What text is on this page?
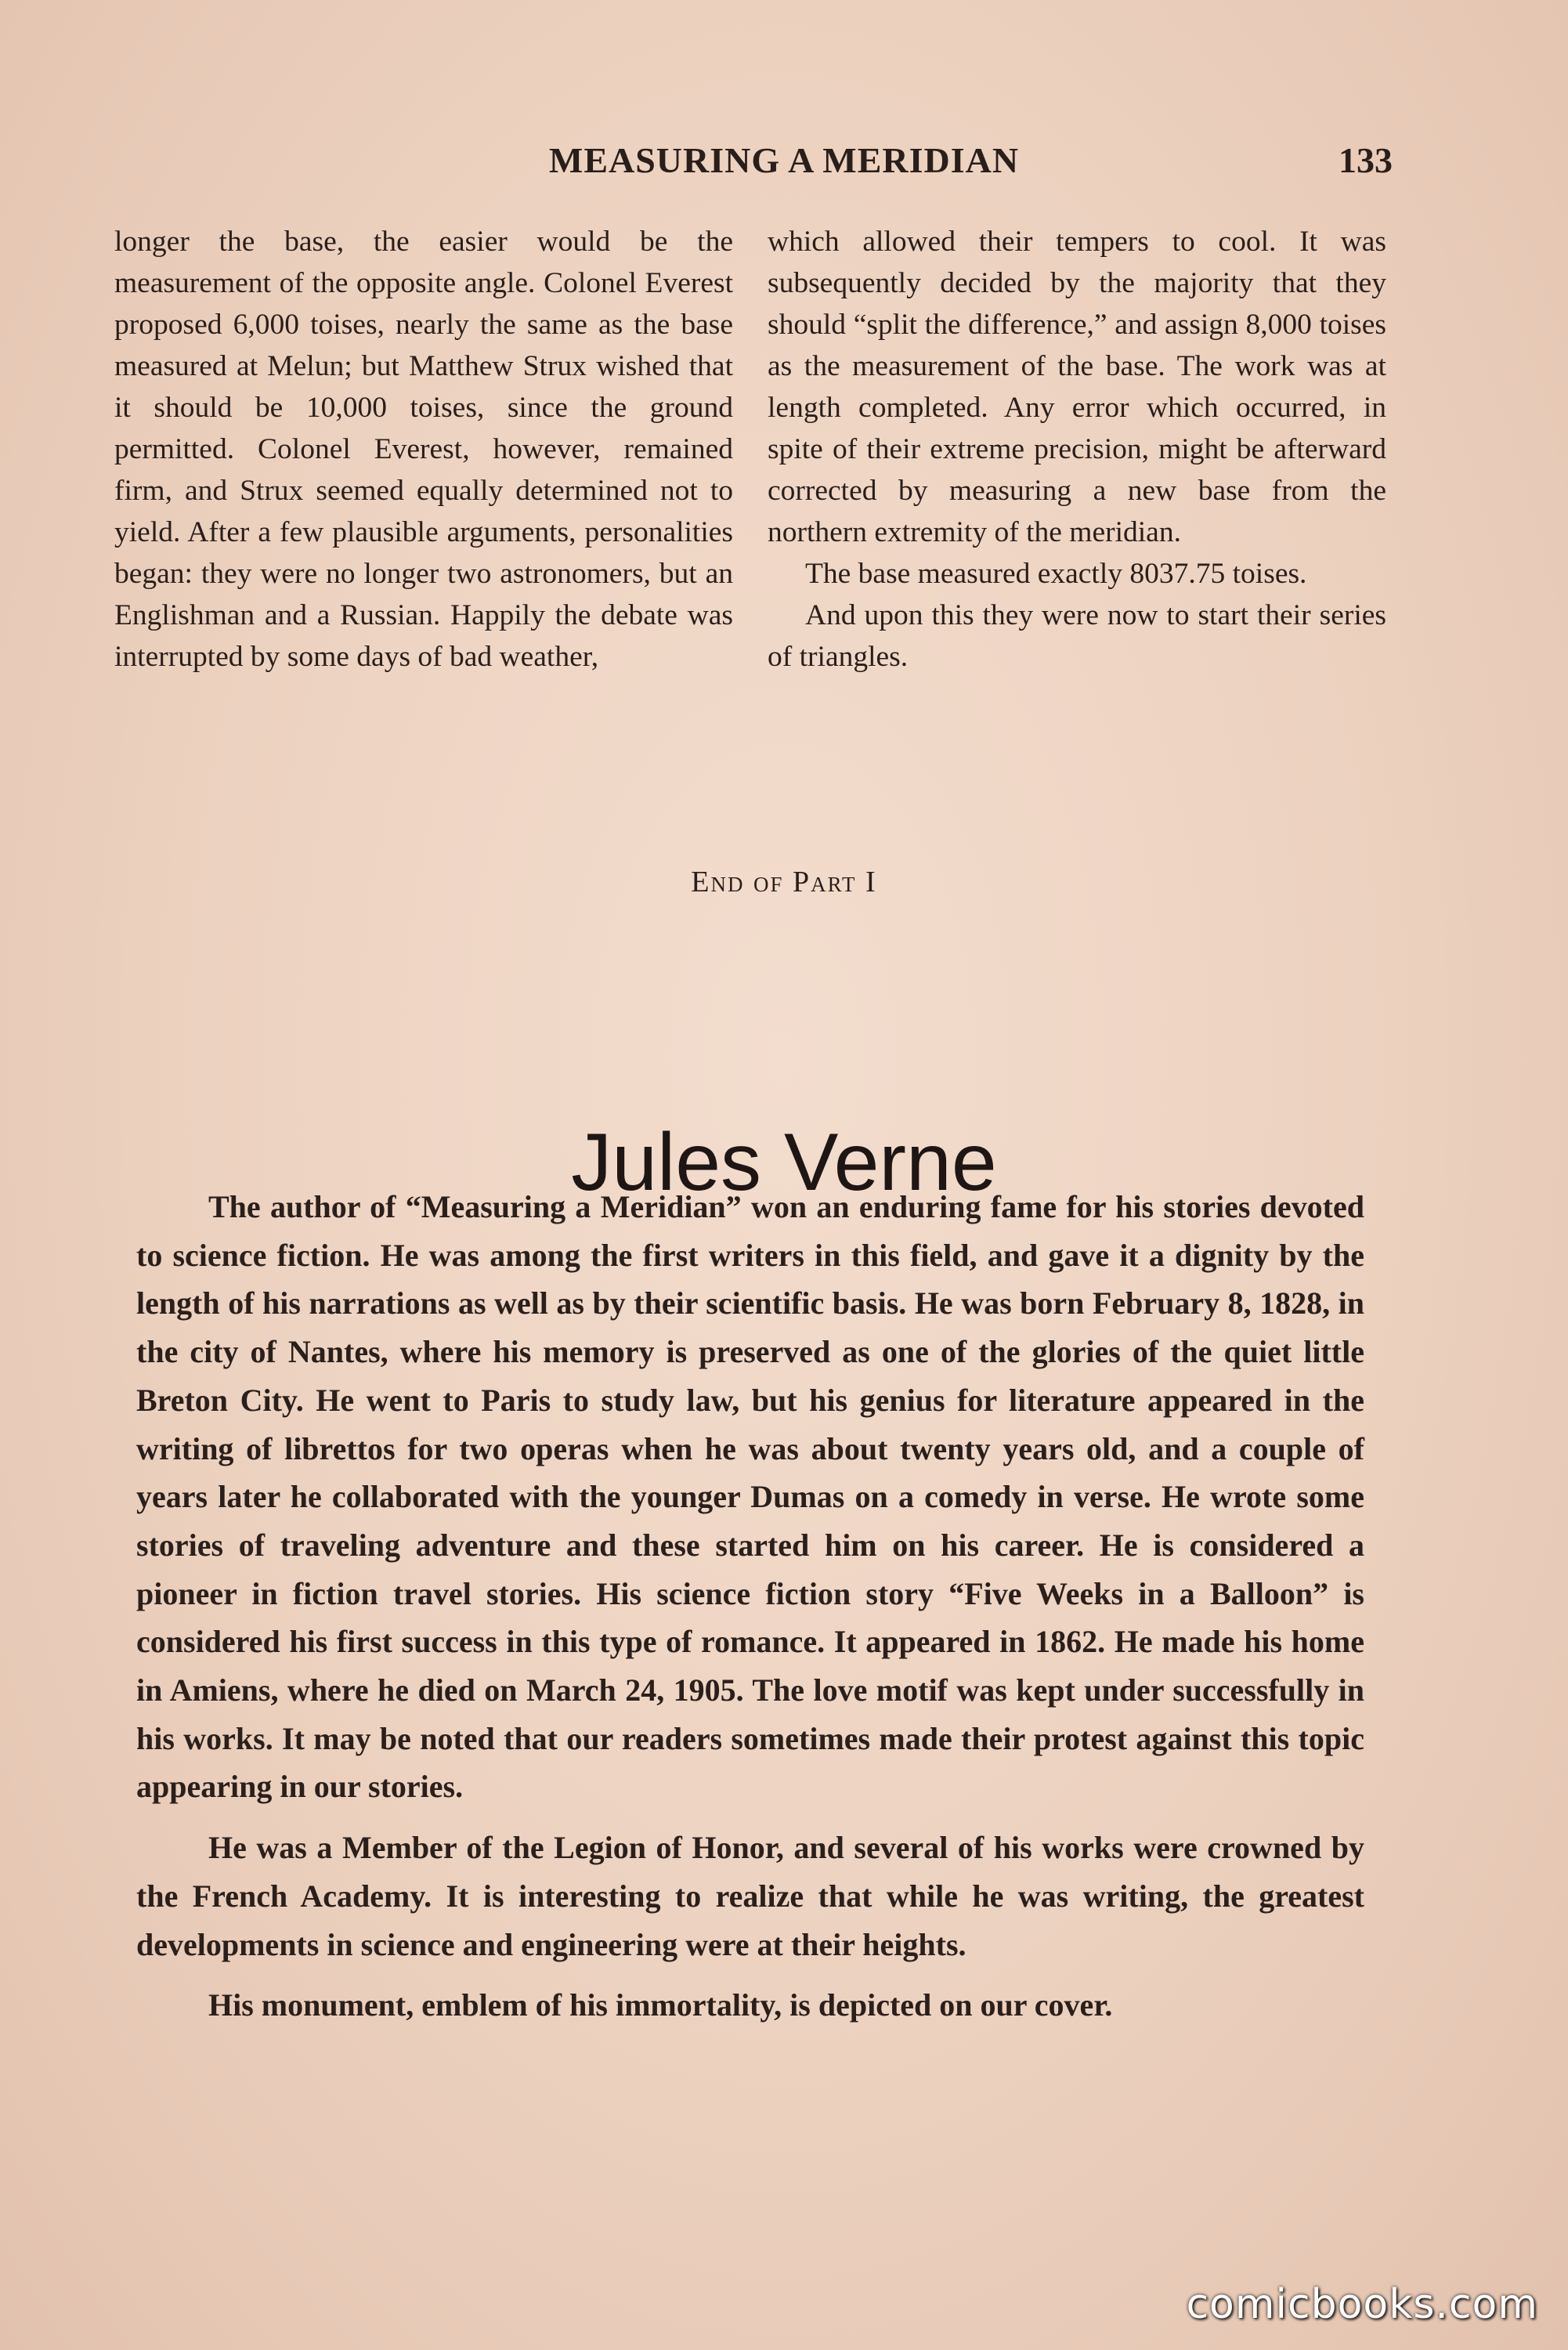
MEASURING A MERIDIAN	133

longer the base, the easier would be the measurement of the opposite angle. Colonel Everest proposed 6,000 toises, nearly the same as the base measured at Melun; but Matthew Strux wished that it should be 10,000 toises, since the ground permitted. Colonel Everest, however, remained firm, and Strux seemed equally determined not to yield. After a few plausible arguments, personalities began: they were no longer two astronomers, but an Englishman and a Russian. Happily the debate was interrupted by some days of bad weather,

which allowed their tempers to cool. It was subsequently decided by the majority that they should “split the difference,” and assign 8,000 toises as the measurement of the base. The work was at length completed. Any error which occurred, in spite of their extreme precision, might be afterward corrected by measuring a new base from the northern extremity of the meridian.

The base measured exactly 8037.75 toises.

And upon this they were now to start their series of triangles.

End of Part I
Jules Verne

The author of “Measuring a Meridian” won an enduring fame for his stories devoted to science fiction. He was among the first writers in this field, and gave it a dignity by the length of his narrations as well as by their scientific basis. He was born February 8, 1828, in the city of Nantes, where his memory is preserved as one of the glories of the quiet little Breton City. He went to Paris to study law, but his genius for literature appeared in the writing of librettos for two operas when he was about twenty years old, and a couple of years later he collaborated with the younger Dumas on a comedy in verse. He wrote some stories of traveling adventure and these started him on his career. He is considered a pioneer in fiction travel stories. His science fiction story “Five Weeks in a Balloon” is considered his first success in this type of romance. It appeared in 1862. He made his home in Amiens, where he died on March 24, 1905. The love motif was kept under successfully in his works. It may be noted that our readers sometimes made their protest against this topic appearing in our stories.

He was a Member of the Legion of Honor, and several of his works were crowned by the French Academy. It is interesting to realize that while he was writing, the greatest developments in science and engineering were at their heights.

His monument, emblem of his immortality, is depicted on our cover.

comicbooks.com
